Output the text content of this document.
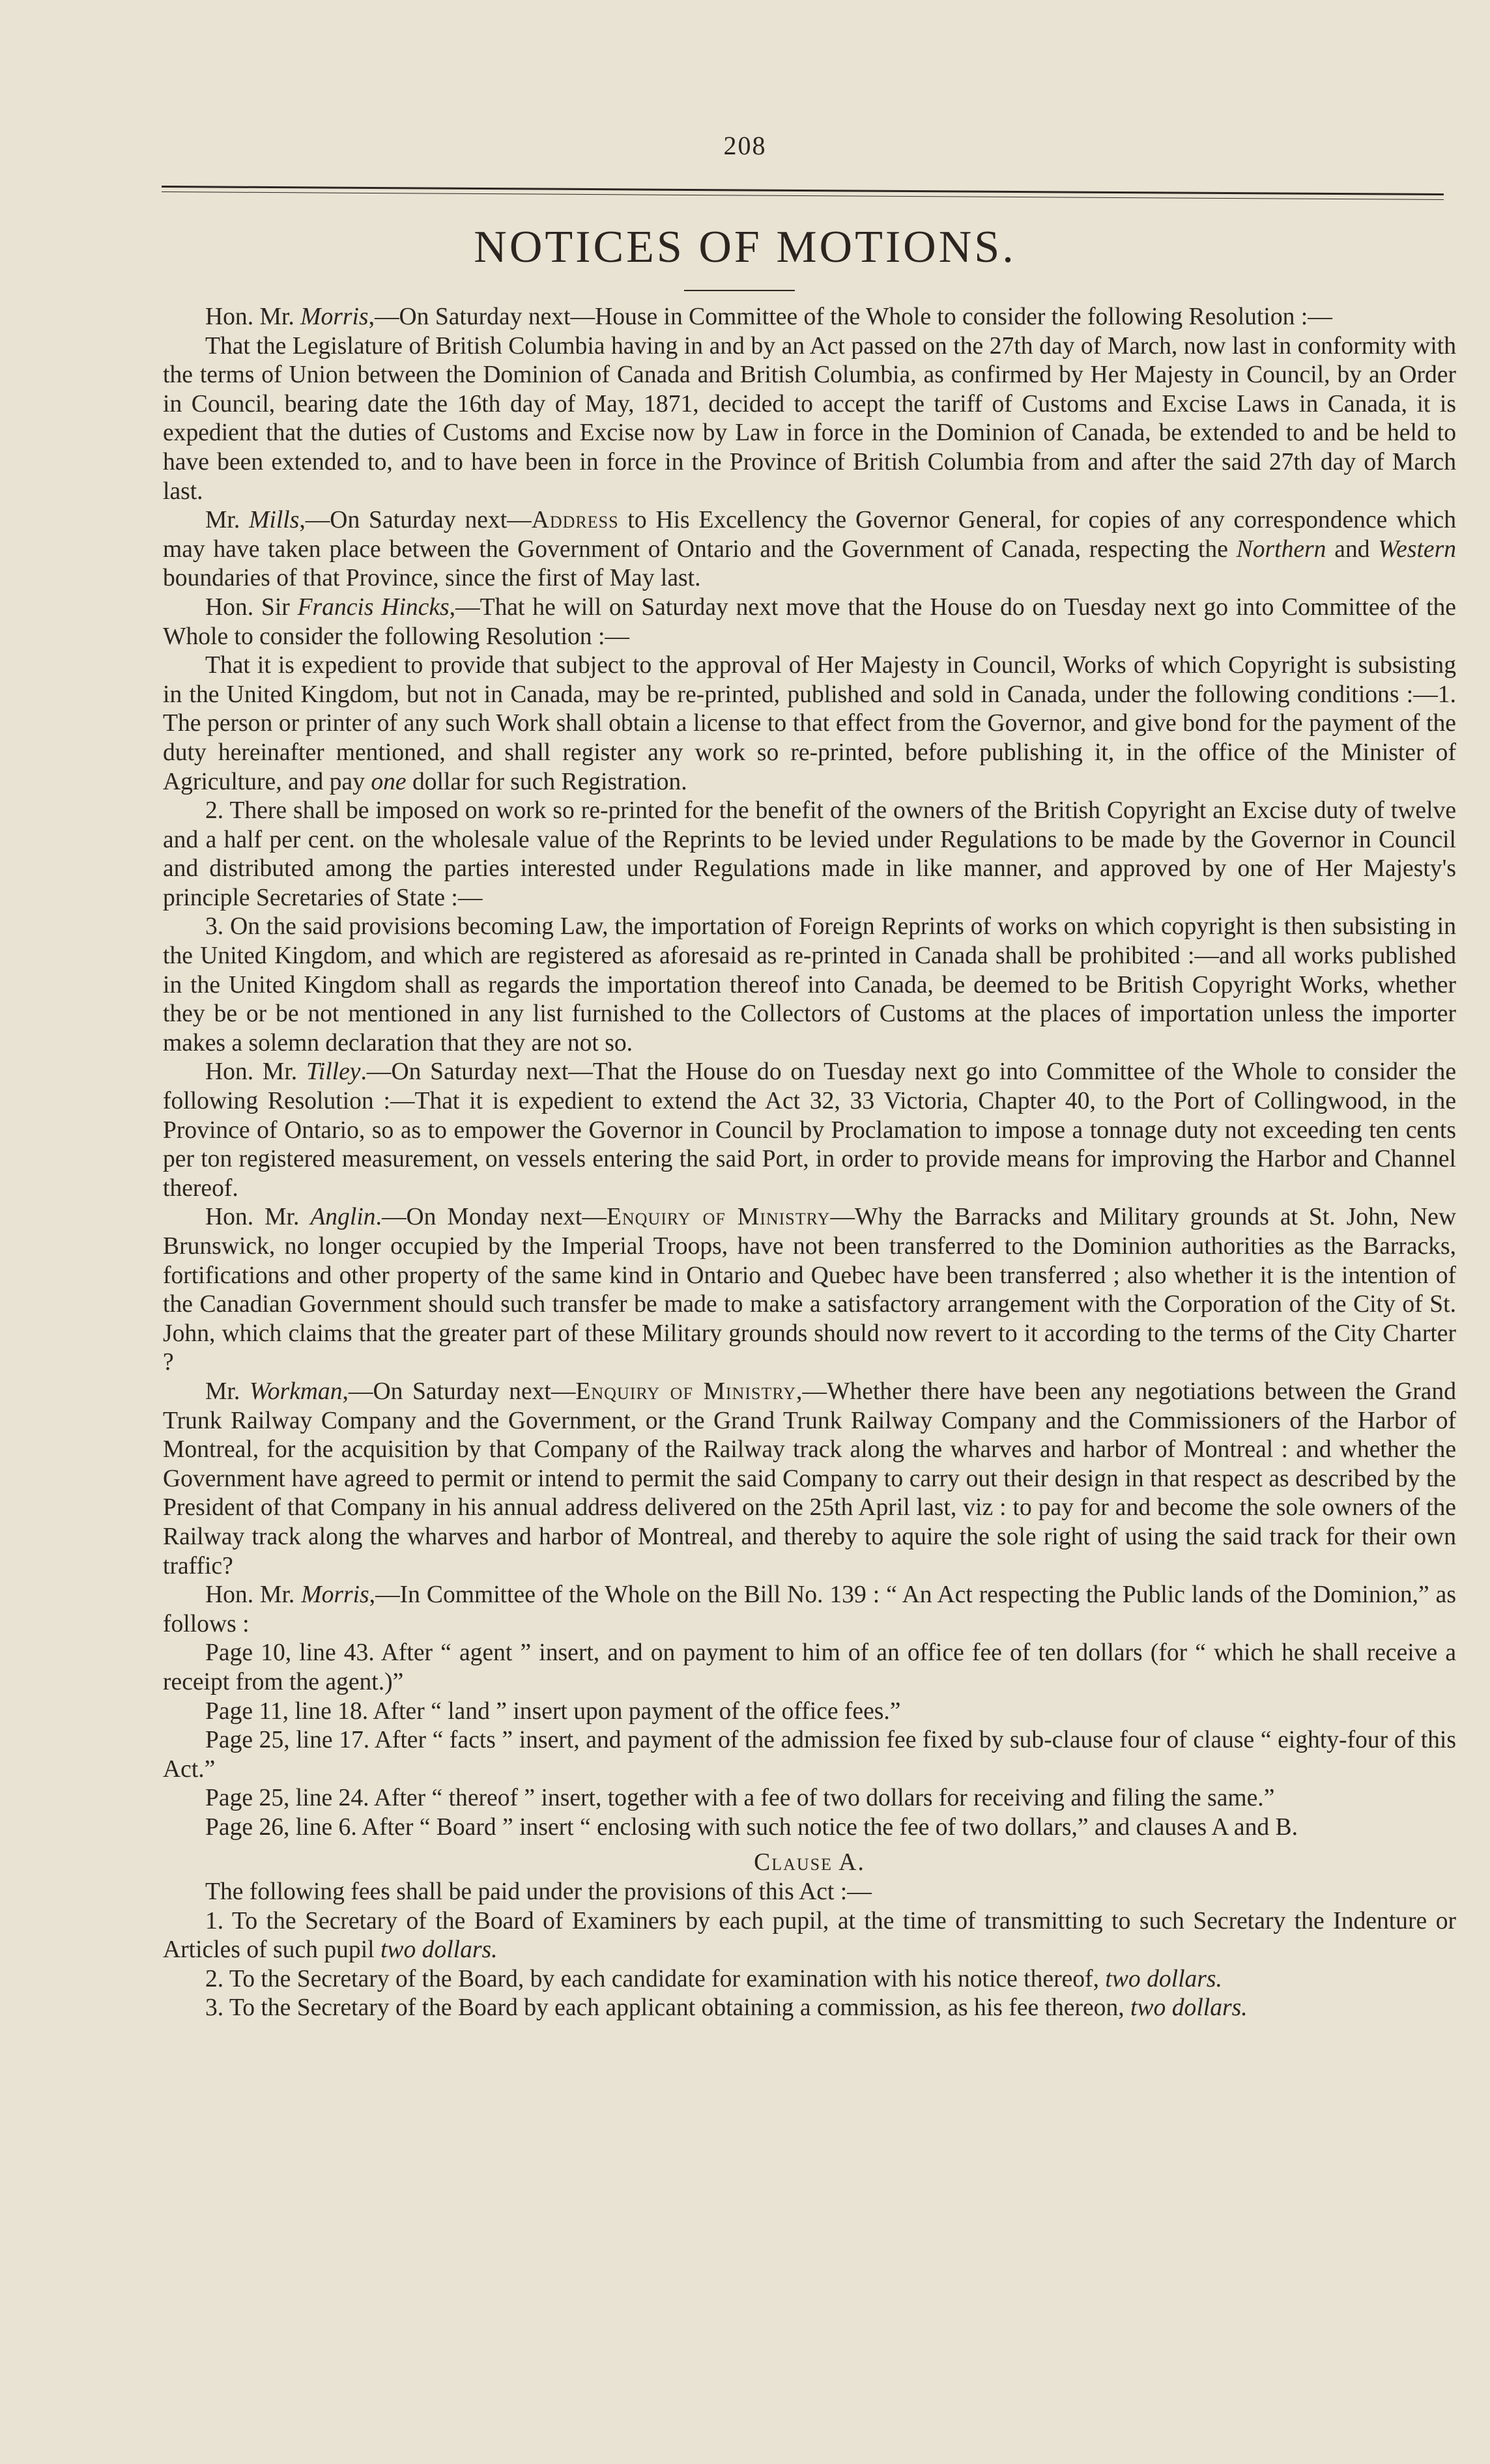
208
NOTICES OF MOTIONS.

Hon. Mr. Morris,—On Saturday next—House in Committee of the Whole to consider the following Resolution :—

That the Legislature of British Columbia having in and by an Act passed on the 27th day of March, now last in conformity with the terms of Union between the Dominion of Canada and British Columbia, as confirmed by Her Majesty in Council, by an Order in Council, bearing date the 16th day of May, 1871, decided to accept the tariff of Customs and Excise Laws in Canada, it is expedient that the duties of Customs and Excise now by Law in force in the Dominion of Canada, be extended to and be held to have been extended to, and to have been in force in the Province of British Columbia from and after the said 27th day of March last.

Mr. Mills,—On Saturday next—Address to His Excellency the Governor General, for copies of any correspondence which may have taken place between the Government of Ontario and the Government of Canada, respecting the Northern and Western boundaries of that Province, since the first of May last.

Hon. Sir Francis Hincks,—That he will on Saturday next move that the House do on Tuesday next go into Committee of the Whole to consider the following Resolution :—

That it is expedient to provide that subject to the approval of Her Majesty in Council, Works of which Copyright is subsisting in the United Kingdom, but not in Canada, may be re-printed, published and sold in Canada, under the following conditions :—1. The person or printer of any such Work shall obtain a license to that effect from the Governor, and give bond for the payment of the duty hereinafter mentioned, and shall register any work so re-printed, before publishing it, in the office of the Minister of Agriculture, and pay one dollar for such Registration.

2. There shall be imposed on work so re-printed for the benefit of the owners of the British Copyright an Excise duty of twelve and a half per cent. on the wholesale value of the Reprints to be levied under Regulations to be made by the Governor in Council and distributed among the parties interested under Regulations made in like manner, and approved by one of Her Majesty's principle Secretaries of State :—

3. On the said provisions becoming Law, the importation of Foreign Reprints of works on which copyright is then subsisting in the United Kingdom, and which are registered as aforesaid as re-printed in Canada shall be prohibited :—and all works published in the United Kingdom shall as regards the importation thereof into Canada, be deemed to be British Copyright Works, whether they be or be not mentioned in any list furnished to the Collectors of Customs at the places of importation unless the importer makes a solemn declaration that they are not so.

Hon. Mr. Tilley.—On Saturday next—That the House do on Tuesday next go into Committee of the Whole to consider the following Resolution :—That it is expedient to extend the Act 32, 33 Victoria, Chapter 40, to the Port of Collingwood, in the Province of Ontario, so as to empower the Governor in Council by Proclamation to impose a tonnage duty not exceeding ten cents per ton registered measurement, on vessels entering the said Port, in order to provide means for improving the Harbor and Channel thereof.

Hon. Mr. Anglin.—On Monday next—Enquiry of Ministry—Why the Barracks and Military grounds at St. John, New Brunswick, no longer occupied by the Imperial Troops, have not been transferred to the Dominion authorities as the Barracks, fortifications and other property of the same kind in Ontario and Quebec have been transferred ; also whether it is the intention of the Canadian Government should such transfer be made to make a satisfactory arrangement with the Corporation of the City of St. John, which claims that the greater part of these Military grounds should now revert to it according to the terms of the City Charter ?

Mr. Workman,—On Saturday next—Enquiry of Ministry,—Whether there have been any negotiations between the Grand Trunk Railway Company and the Government, or the Grand Trunk Railway Company and the Commissioners of the Harbor of Montreal, for the acquisition by that Company of the Railway track along the wharves and harbor of Montreal : and whether the Government have agreed to permit or intend to permit the said Company to carry out their design in that respect as described by the President of that Company in his annual address delivered on the 25th April last, viz : to pay for and become the sole owners of the Railway track along the wharves and harbor of Montreal, and thereby to aquire the sole right of using the said track for their own traffic?

Hon. Mr. Morris,—In Committee of the Whole on the Bill No. 139 : “ An Act respecting the Public lands of the Dominion,” as follows :

Page 10, line 43. After “ agent ” insert, and on payment to him of an office fee of ten dollars (for “ which he shall receive a receipt from the agent.)”

Page 11, line 18. After “ land ” insert upon payment of the office fees.”

Page 25, line 17. After “ facts ” insert, and payment of the admission fee fixed by sub-clause four of clause “ eighty-four of this Act.”

Page 25, line 24. After “ thereof ” insert, together with a fee of two dollars for receiving and filing the same.”

Page 26, line 6. After “ Board ” insert “ enclosing with such notice the fee of two dollars,” and clauses A and B.

Clause A.

The following fees shall be paid under the provisions of this Act :—

1. To the Secretary of the Board of Examiners by each pupil, at the time of transmitting to such Secretary the Indenture or Articles of such pupil two dollars.

2. To the Secretary of the Board, by each candidate for examination with his notice thereof, two dollars.

3. To the Secretary of the Board by each applicant obtaining a commission, as his fee thereon, two dollars.
